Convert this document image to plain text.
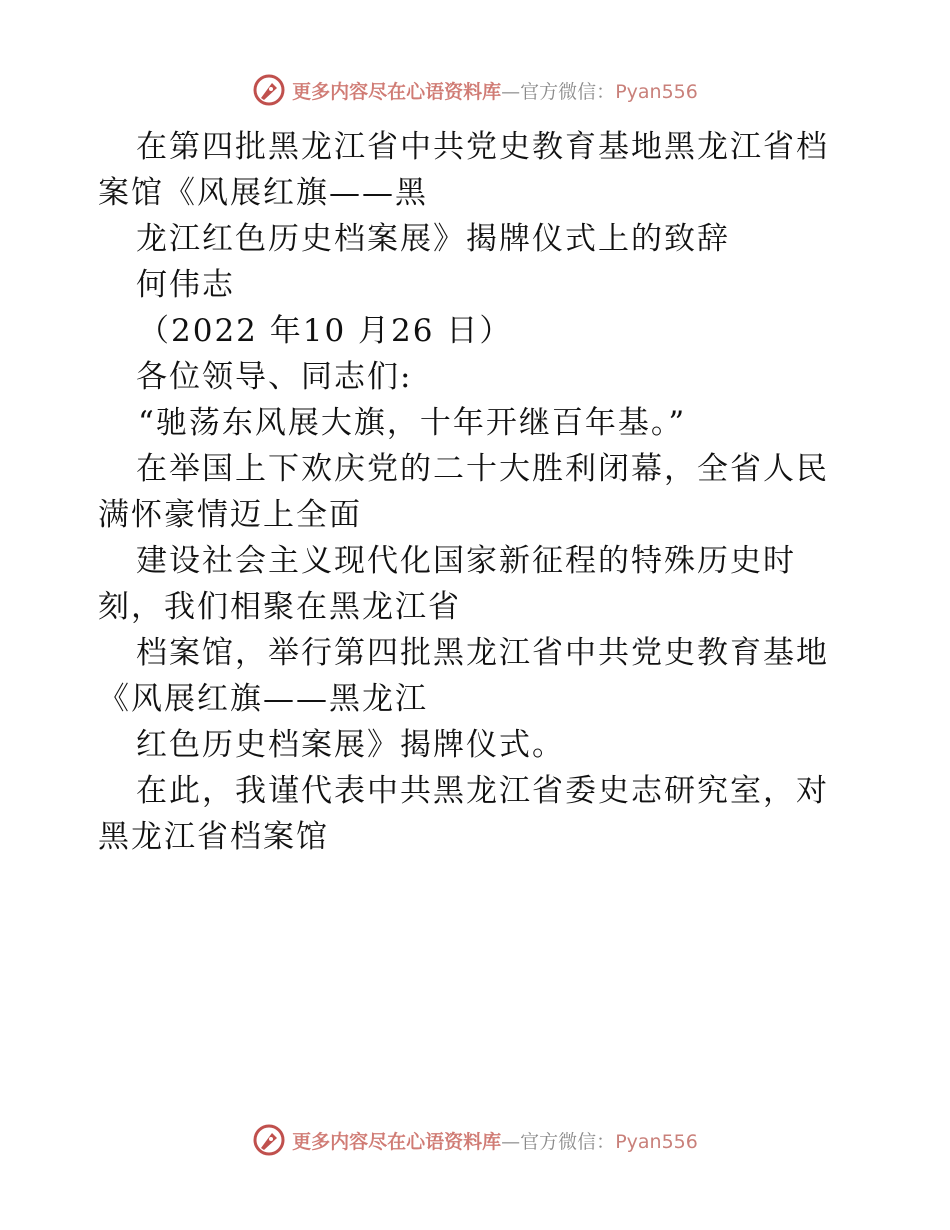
更多内容尽在心语资料库—官方微信：Pyan556
在第四批黑龙江省中共党史教育基地黑龙江省档
案馆《风展红旗——黑
龙江红色历史档案展》揭牌仪式上的致辞
何伟志
（2022 年10 月26 日）
各位领导、同志们:
“驰荡东风展大旗，十年开继百年基。”
在举国上下欢庆党的二十大胜利闭幕，全省人民
满怀豪情迈上全面
建设社会主义现代化国家新征程的特殊历史时
刻，我们相聚在黑龙江省
档案馆，举行第四批黑龙江省中共党史教育基地
《风展红旗——黑龙江
红色历史档案展》揭牌仪式。
在此，我谨代表中共黑龙江省委史志研究室，对
黑龙江省档案馆
更多内容尽在心语资料库—官方微信：Pyan556
